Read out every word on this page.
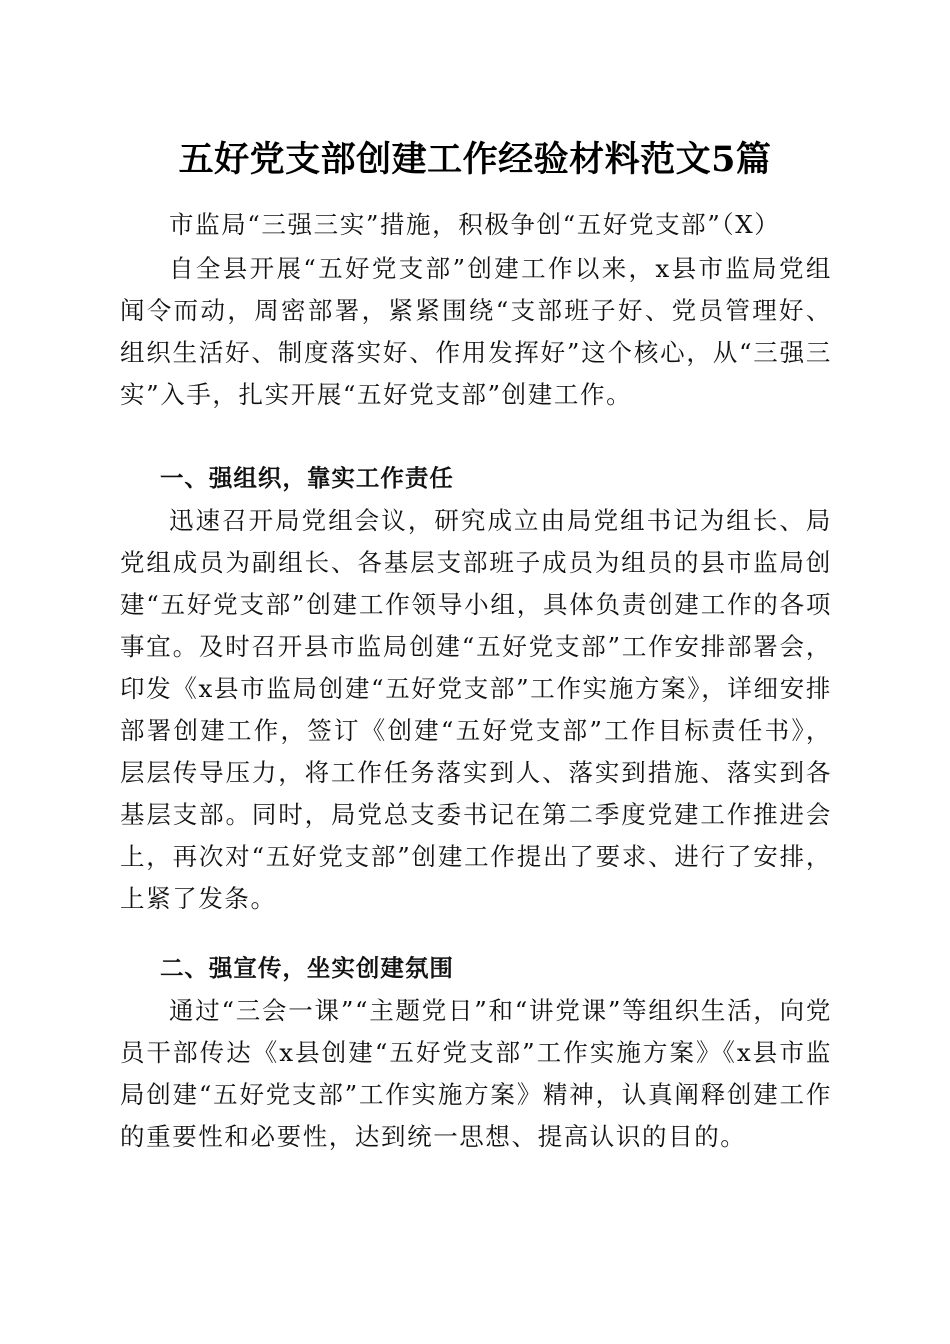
五好党支部创建工作经验材料范文5篇

市监局“三强三实”措施，积极争创“五好党支部”（X）

自全县开展“五好党支部”创建工作以来，x县市监局党组闻令而动，周密部署，紧紧围绕“支部班子好、党员管理好、组织生活好、制度落实好、作用发挥好”这个核心，从“三强三实”入手，扎实开展“五好党支部”创建工作。

一、强组织，靠实工作责任

迅速召开局党组会议，研究成立由局党组书记为组长、局党组成员为副组长、各基层支部班子成员为组员的县市监局创建“五好党支部”创建工作领导小组，具体负责创建工作的各项事宜。及时召开县市监局创建“五好党支部”工作安排部署会，印发《x县市监局创建“五好党支部”工作实施方案》，详细安排部署创建工作，签订《创建“五好党支部”工作目标责任书》，层层传导压力，将工作任务落实到人、落实到措施、落实到各基层支部。同时，局党总支委书记在第二季度党建工作推进会上，再次对“五好党支部”创建工作提出了要求、进行了安排，上紧了发条。

二、强宣传，坐实创建氛围

通过“三会一课”“主题党日”和“讲党课”等组织生活，向党员干部传达《x县创建“五好党支部”工作实施方案》《x县市监局创建“五好党支部”工作实施方案》精神，认真阐释创建工作的重要性和必要性，达到统一思想、提高认识的目的。
